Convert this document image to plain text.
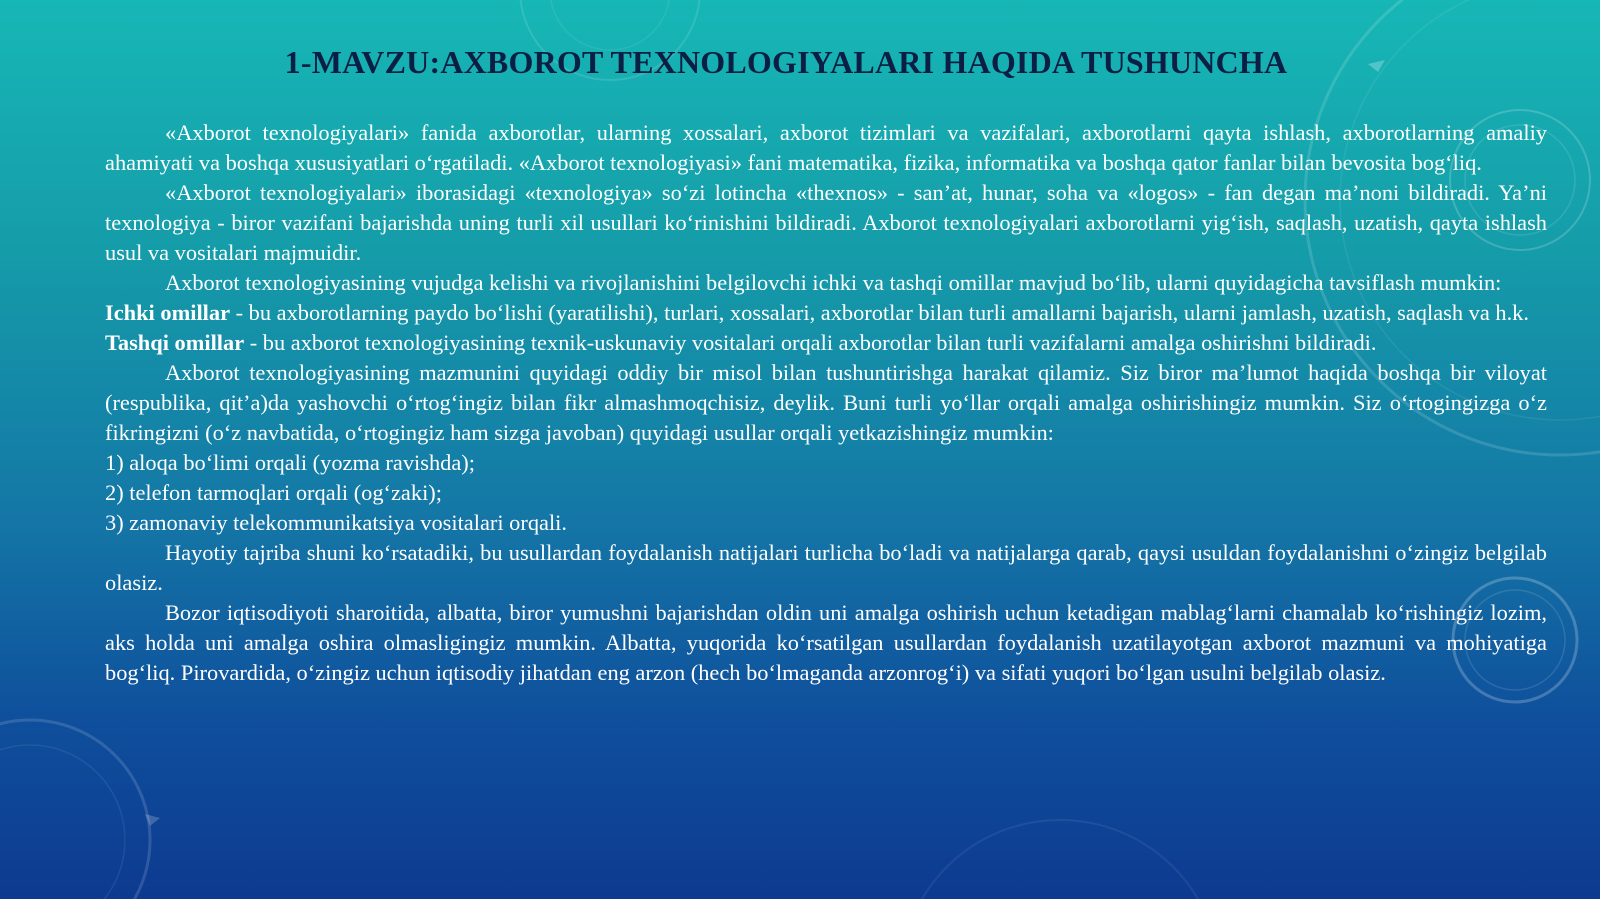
1-MAVZU:AXBOROT TEXNOLOGIYALARI HAQIDA TUSHUNCHA

«Axborot texnologiyalari» fanida axborotlar, ularning xossalari, axborot tizimlari va vazifalari, axborotlarni qayta ishlash, axborotlarning amaliy ahamiyati va boshqa xususiyatlari o‘rgatiladi. «Axborot texnologiyasi» fani matematika, fizika, informatika va boshqa qator fanlar bilan bevosita bog‘liq.

«Axborot texnologiyalari» iborasidagi «texnologiya» so‘zi lotincha «thexnos» - san’at, hunar, soha va «logos» - fan degan ma’noni bildiradi. Ya’ni texnologiya - biror vazifani bajarishda uning turli xil usullari ko‘rinishini bildiradi. Axborot texnologiyalari axborotlarni yig‘ish, saqlash, uzatish, qayta ishlash usul va vositalari majmuidir.

Axborot texnologiyasining vujudga kelishi va rivojlanishini belgilovchi ichki va tashqi omillar mavjud bo‘lib, ularni quyidagicha tavsiflash mumkin:

Ichki omillar - bu axborotlarning paydo bo‘lishi (yaratilishi), turlari, xossalari, axborotlar bilan turli amallarni bajarish, ularni jamlash, uzatish, saqlash va h.k.

Tashqi omillar - bu axborot texnologiyasining texnik-uskunaviy vositalari orqali axborotlar bilan turli vazifalarni amalga oshirishni bildiradi.

Axborot texnologiyasining mazmunini quyidagi oddiy bir misol bilan tushuntirishga harakat qilamiz. Siz biror ma’lumot haqida boshqa bir viloyat (respublika, qit’a)da yashovchi o‘rtog‘ingiz bilan fikr almashmoqchisiz, deylik. Buni turli yo‘llar orqali amalga oshirishingiz mumkin. Siz o‘rtogingizga o‘z fikringizni (o‘z navbatida, o‘rtogingiz ham sizga javoban) quyidagi usullar orqali yetkazishingiz mumkin:

1) aloqa bo‘limi orqali (yozma ravishda);

2) telefon tarmoqlari orqali (og‘zaki);

3) zamonaviy telekommunikatsiya vositalari orqali.

Hayotiy tajriba shuni ko‘rsatadiki, bu usullardan foydalanish natijalari turlicha bo‘ladi va natijalarga qarab, qaysi usuldan foydalanishni o‘zingiz belgilab olasiz.

Bozor iqtisodiyoti sharoitida, albatta, biror yumushni bajarishdan oldin uni amalga oshirish uchun ketadigan mablag‘larni chamalab ko‘rishingiz lozim, aks holda uni amalga oshira olmasligingiz mumkin. Albatta, yuqorida ko‘rsatilgan usullardan foydalanish uzatilayotgan axborot mazmuni va mohiyatiga bog‘liq. Pirovardida, o‘zingiz uchun iqtisodiy jihatdan eng arzon (hech bo‘lmaganda arzonrog‘i) va sifati yuqori bo‘lgan usulni belgilab olasiz.
